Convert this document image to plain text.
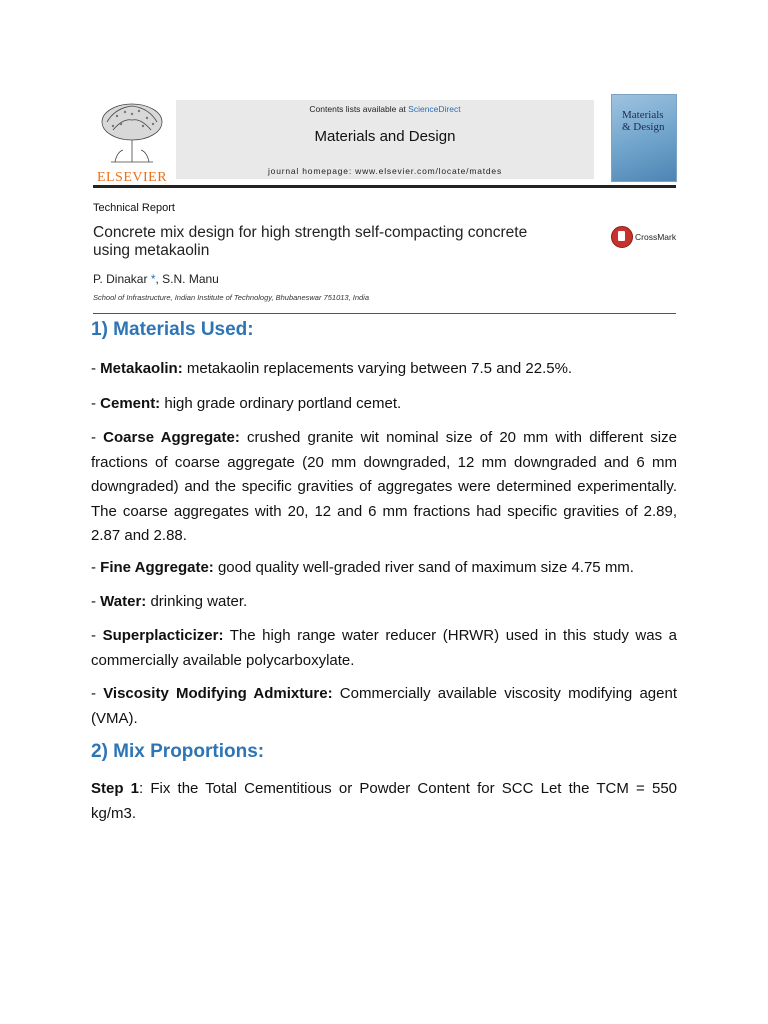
ELSEVIER
Contents lists available at ScienceDirect
Materials and Design
journal homepage: www.elsevier.com/locate/matdes
Materials & Design
Technical Report
Concrete mix design for high strength self-compacting concrete
using metakaolin
CrossMark
P. Dinakar *, S.N. Manu
School of Infrastructure, Indian Institute of Technology, Bhubaneswar 751013, India
1) Materials Used:

- Metakaolin: metakaolin replacements varying between 7.5 and 22.5%.

- Cement: high grade ordinary portland cemet.

- Coarse Aggregate: crushed granite wit nominal size of 20 mm with different size fractions of coarse aggregate (20 mm downgraded, 12 mm downgraded and 6 mm downgraded) and the specific gravities of aggregates were determined experimentally. The coarse aggregates with 20, 12 and 6 mm fractions had specific gravities of 2.89, 2.87 and 2.88.

- Fine Aggregate: good quality well-graded river sand of maximum size 4.75 mm.

- Water: drinking water.

- Superplacticizer: The high range water reducer (HRWR) used in this study was a commercially available polycarboxylate.

- Viscosity Modifying Admixture: Commercially available viscosity modifying agent (VMA).

2) Mix Proportions:

Step 1: Fix the Total Cementitious or Powder Content for SCC Let the TCM = 550 kg/m3.
